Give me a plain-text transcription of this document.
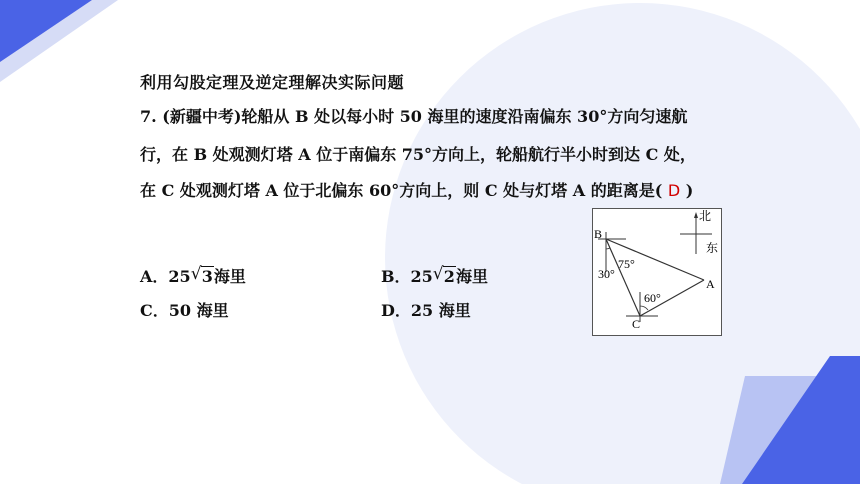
利用勾股定理及逆定理解决实际问题
7. (新疆中考)轮船从 B 处以每小时 50 海里的速度沿南偏东 30°方向匀速航
行，在 B 处观测灯塔 A 位于南偏东 75°方向上，轮船航行半小时到达 C 处，
在 C 处观测灯塔 A 位于北偏东 60°方向上，则 C 处与灯塔 A 的距离是( D )
A．25 √ 3海里	B．25 √ 2海里
C．50 海里	D．25 海里
北
东
B
75°
30°
60°
A
C
